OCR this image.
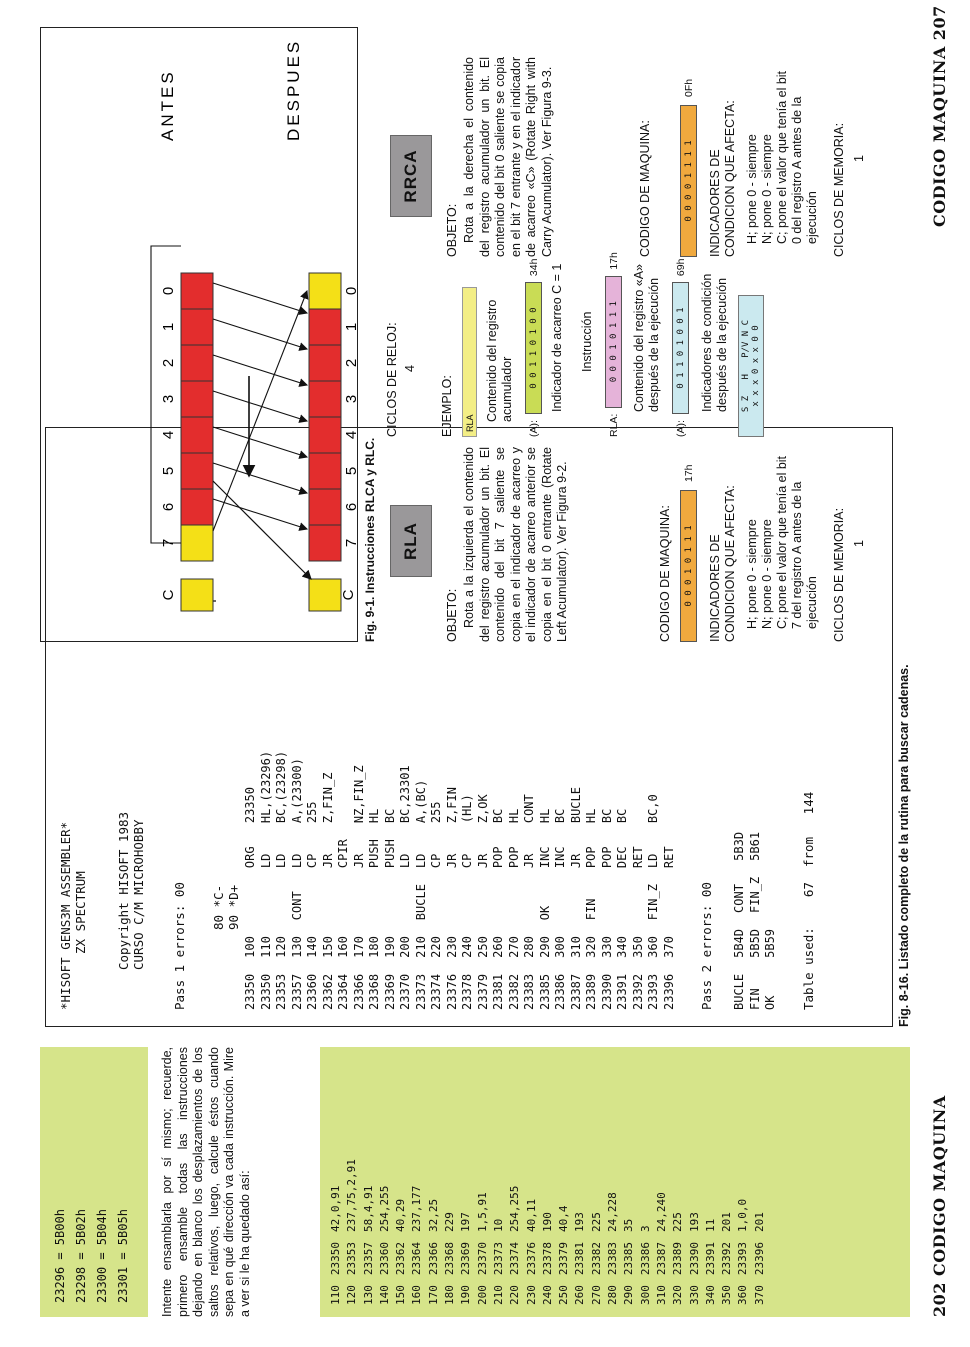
23296 = 5B00h 23298 = 5B02h 23300 = 5B04h 23301 = 5B05h	Intente ensamblarla por sí mismo; recuerde, primero ensamble todas las instrucciones dejando en blanco los desplazamientos de los saltos relativos, luego, calcule éstos cuando sepa en qué dirección va cada instrucción. Mire a ver si le ha quedado así:	110	23350	42,0,91
120	23353	237,75,2,91
130	23357	58,4,91
140	23360	254,255
150	23362	40,29
160	23364	237,177
170	23366	32,25
180	23368	229
190	23369	197
200	23370	1,5,91
210	23373	10
220	23374	254,255
230	23376	40,11
240	23378	190
250	23379	40,4
260	23381	193
270	23382	225
280	23383	24,228
290	23385	35
300	23386	3
310	23387	24,240
320	23389	225
330	23390	193
340	23391	11
350	23392	201
360	23393	1,0,0
370	23396	201	202 CODIGO MAQUINA
*HISOFT GENS3M ASSEMBLER* ZX SPECTRUM Copyright HISOFT 1983 CURSO C/M MICROHOBBY Pass 1 errors: 00 80 *C- 90 *D+
23350	100		ORG	23350
23350	110		LD	HL,(23296)
23353	120		LD	BC,(23298)
23357	130	CONT	LD	A,(23300)
23360	140		CP	255
23362	150		JR	Z,FIN_Z
23364	160		CPIR	
23366	170		JR	NZ,FIN_Z
23368	180		PUSH	HL
23369	190		PUSH	BC
23370	200		LD	BC,23301
23373	210	BUCLE	LD	A,(BC)
23374	220		CP	255
23376	230		JR	Z,FIN
23378	240		CP	(HL)
23379	250		JR	Z,OK
23381	260		POP	BC
23382	270		POP	HL
23383	280		JR	CONT
23385	290	OK	INC	HL
23386	300		INC	BC
23387	310		JR	BUCLE
23389	320	FIN	POP	HL
23390	330		POP	BC
23391	340		DEC	BC
23392	350		RET	
23393	360	FIN_Z	LD	BC,0
23396	370		RET	
Pass 2 errors: 00 BUCLE	5B4D	CONT	5B3D
FIN	5B5D	FIN_Z	5B61
OK	5B59		Table used:    67  from   144	Fig. 8-16. Listado completo de la rutina para buscar cadenas.
7	7
6	6
5	5
4	4
3	3
2	2
1	1
0	0
C	C
ANTES	DESPUES
Fig. 9-1. Instrucciones RLCA y RLC.	RLA
OBJETO: Rota a la izquierda el contenido del registro acumulador un bit. El contenido del bit 7 saliente se copia en el indicador de acarreo y el indicador de acarreo anterior se copia en el bit 0 entrante (Rotate Left Acumulator). Ver Figura 9-2.	CODIGO DE MAQUINA: 0 0 0 1 0 1 1 1
17h
INDICADORES DE CONDICION QUE AFECTA: H; pone 0 - siempre N; pone 0 - siempre C; pone el valor que tenía el bit 7 del registro A antes de la ejecución CICLOS DE MEMORIA: 1
CICLOS DE RELOJ: 4
EJEMPLO:	RLA
Contenido del registro acumulador
(A):
0 0 1 1 0 1 0 0
34h Indicador de acarreo C = 1 Instrucción
RLA:
0 0 0 1 0 1 1 1
17h
Contenido del registro «A» después de la ejecución
(A):
0 1 1 0 1 0 0 1
69h
Indicadores de condición después de la ejecución S Z   H   P/V N C x x x 0 x x 0 0
RRCA
OBJETO: Rota a la derecha el contenido del registro acumulador un bit. El contenido del bit 0 saliente se copia en el bit 7 entrante y en el indicador de acarreo «C» (Rotate Right with Carry Acumulator). Ver Figura 9-3.	CODIGO DE MAQUINA:	0 0 0 0 1 1 1 1
0Fh
INDICADORES DE CONDICION QUE AFECTA: H; pone 0 - siempre N; pone 0 - siempre C; pone el valor que tenía el bit 0 del registro A antes de la ejecución CICLOS DE MEMORIA: 1	CODIGO MAQUINA 207
